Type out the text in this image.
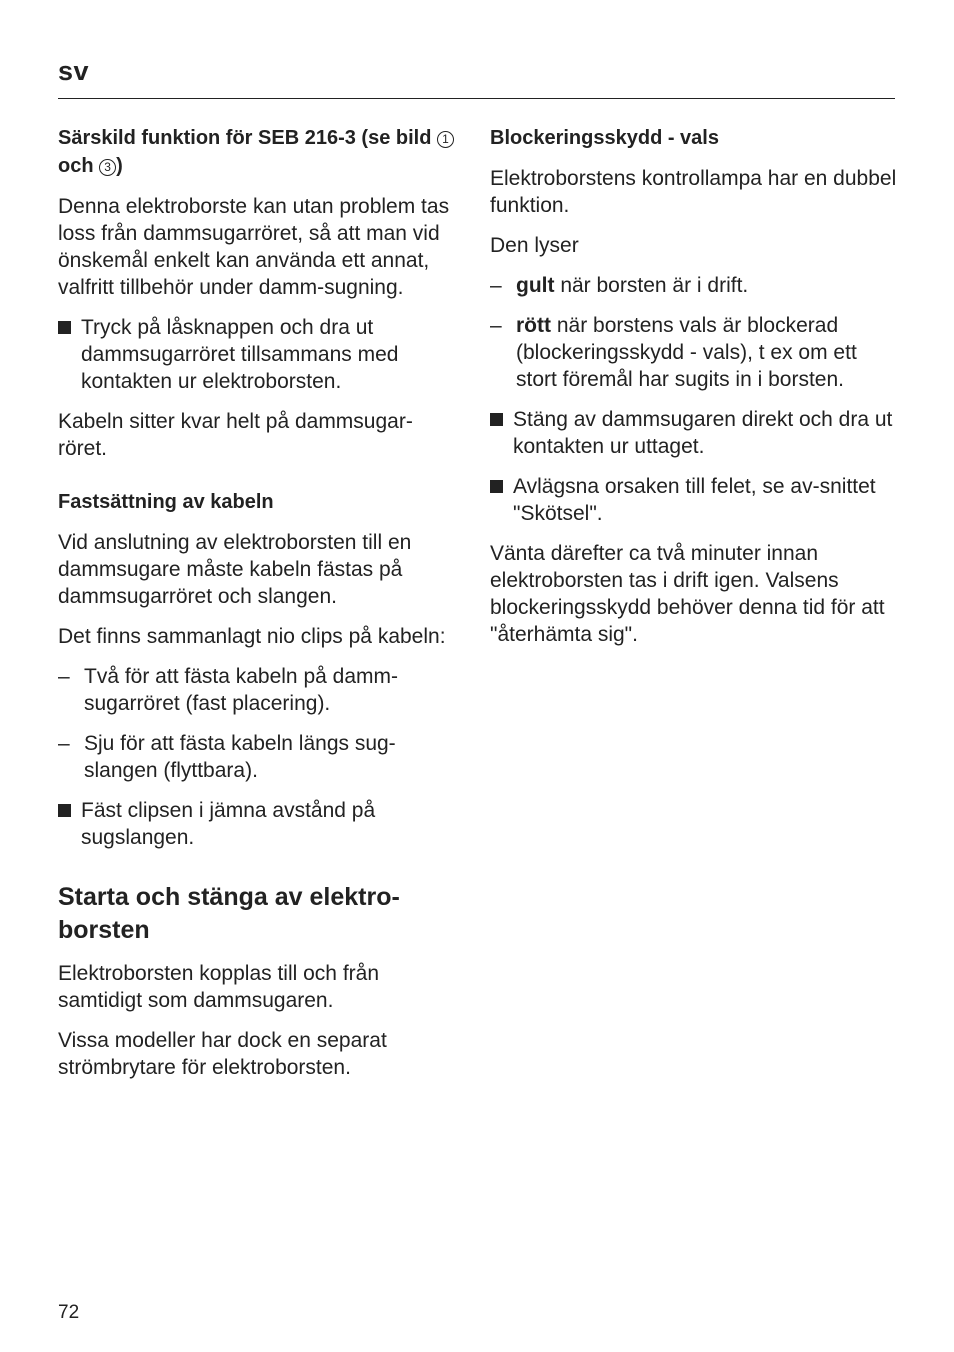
sv
Särskild funktion för SEB 216-3 (se bild 1 och 3 )
Denna elektroborste kan utan problem tas loss från dammsugarröret, så att man vid önskemål enkelt kan använda ett annat, valfritt tillbehör under damm-sugning.
Tryck på låsknappen och dra ut dammsugarröret tillsammans med kontakten ur elektroborsten.
Kabeln sitter kvar helt på dammsugar-röret.
Fastsättning av kabeln
Vid anslutning av elektroborsten till en dammsugare måste kabeln fästas på dammsugarröret och slangen.
Det finns sammanlagt nio clips på kabeln:
– Två för att fästa kabeln på damm-sugarröret (fast placering).
– Sju för att fästa kabeln längs sug-slangen (flyttbara).
Fäst clipsen i jämna avstånd på sugslangen.
Starta och stänga av elektro-borsten
Elektroborsten kopplas till och från samtidigt som dammsugaren.
Vissa modeller har dock en separat strömbrytare för elektroborsten.
Blockeringsskydd - vals
Elektroborstens kontrollampa har en dubbel funktion.
Den lyser
– gult när borsten är i drift.
– rött när borstens vals är blockerad (blockeringsskydd - vals), t ex om ett stort föremål har sugits in i borsten.
Stäng av dammsugaren direkt och dra ut kontakten ur uttaget.
Avlägsna orsaken till felet, se av-snittet "Skötsel".
Vänta därefter ca två minuter innan elektroborsten tas i drift igen. Valsens blockeringsskydd behöver denna tid för att "återhämta sig".
72
